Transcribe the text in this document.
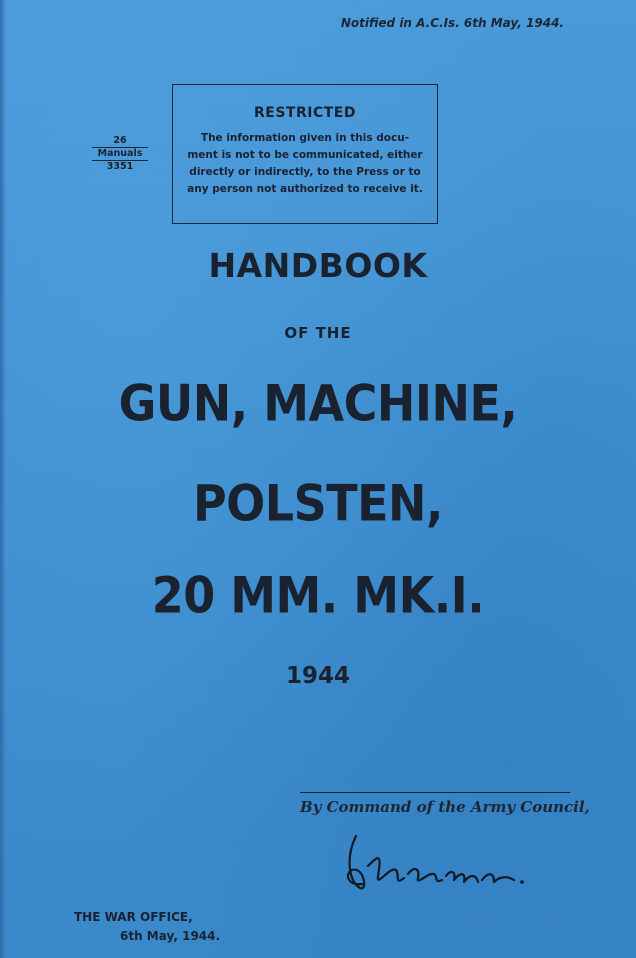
Notified in A.C.Is. 6th May, 1944.
26
Manuals
3351
RESTRICTED
The information given in this docu-
ment is not to be communicated, either
directly or indirectly, to the Press or to
any person not authorized to receive it.
HANDBOOK
OF THE
GUN, MACHINE,
POLSTEN,
20 MM. MK.I.
1944
By Command of the Army Council,
THE WAR OFFICE,
6th May, 1944.
